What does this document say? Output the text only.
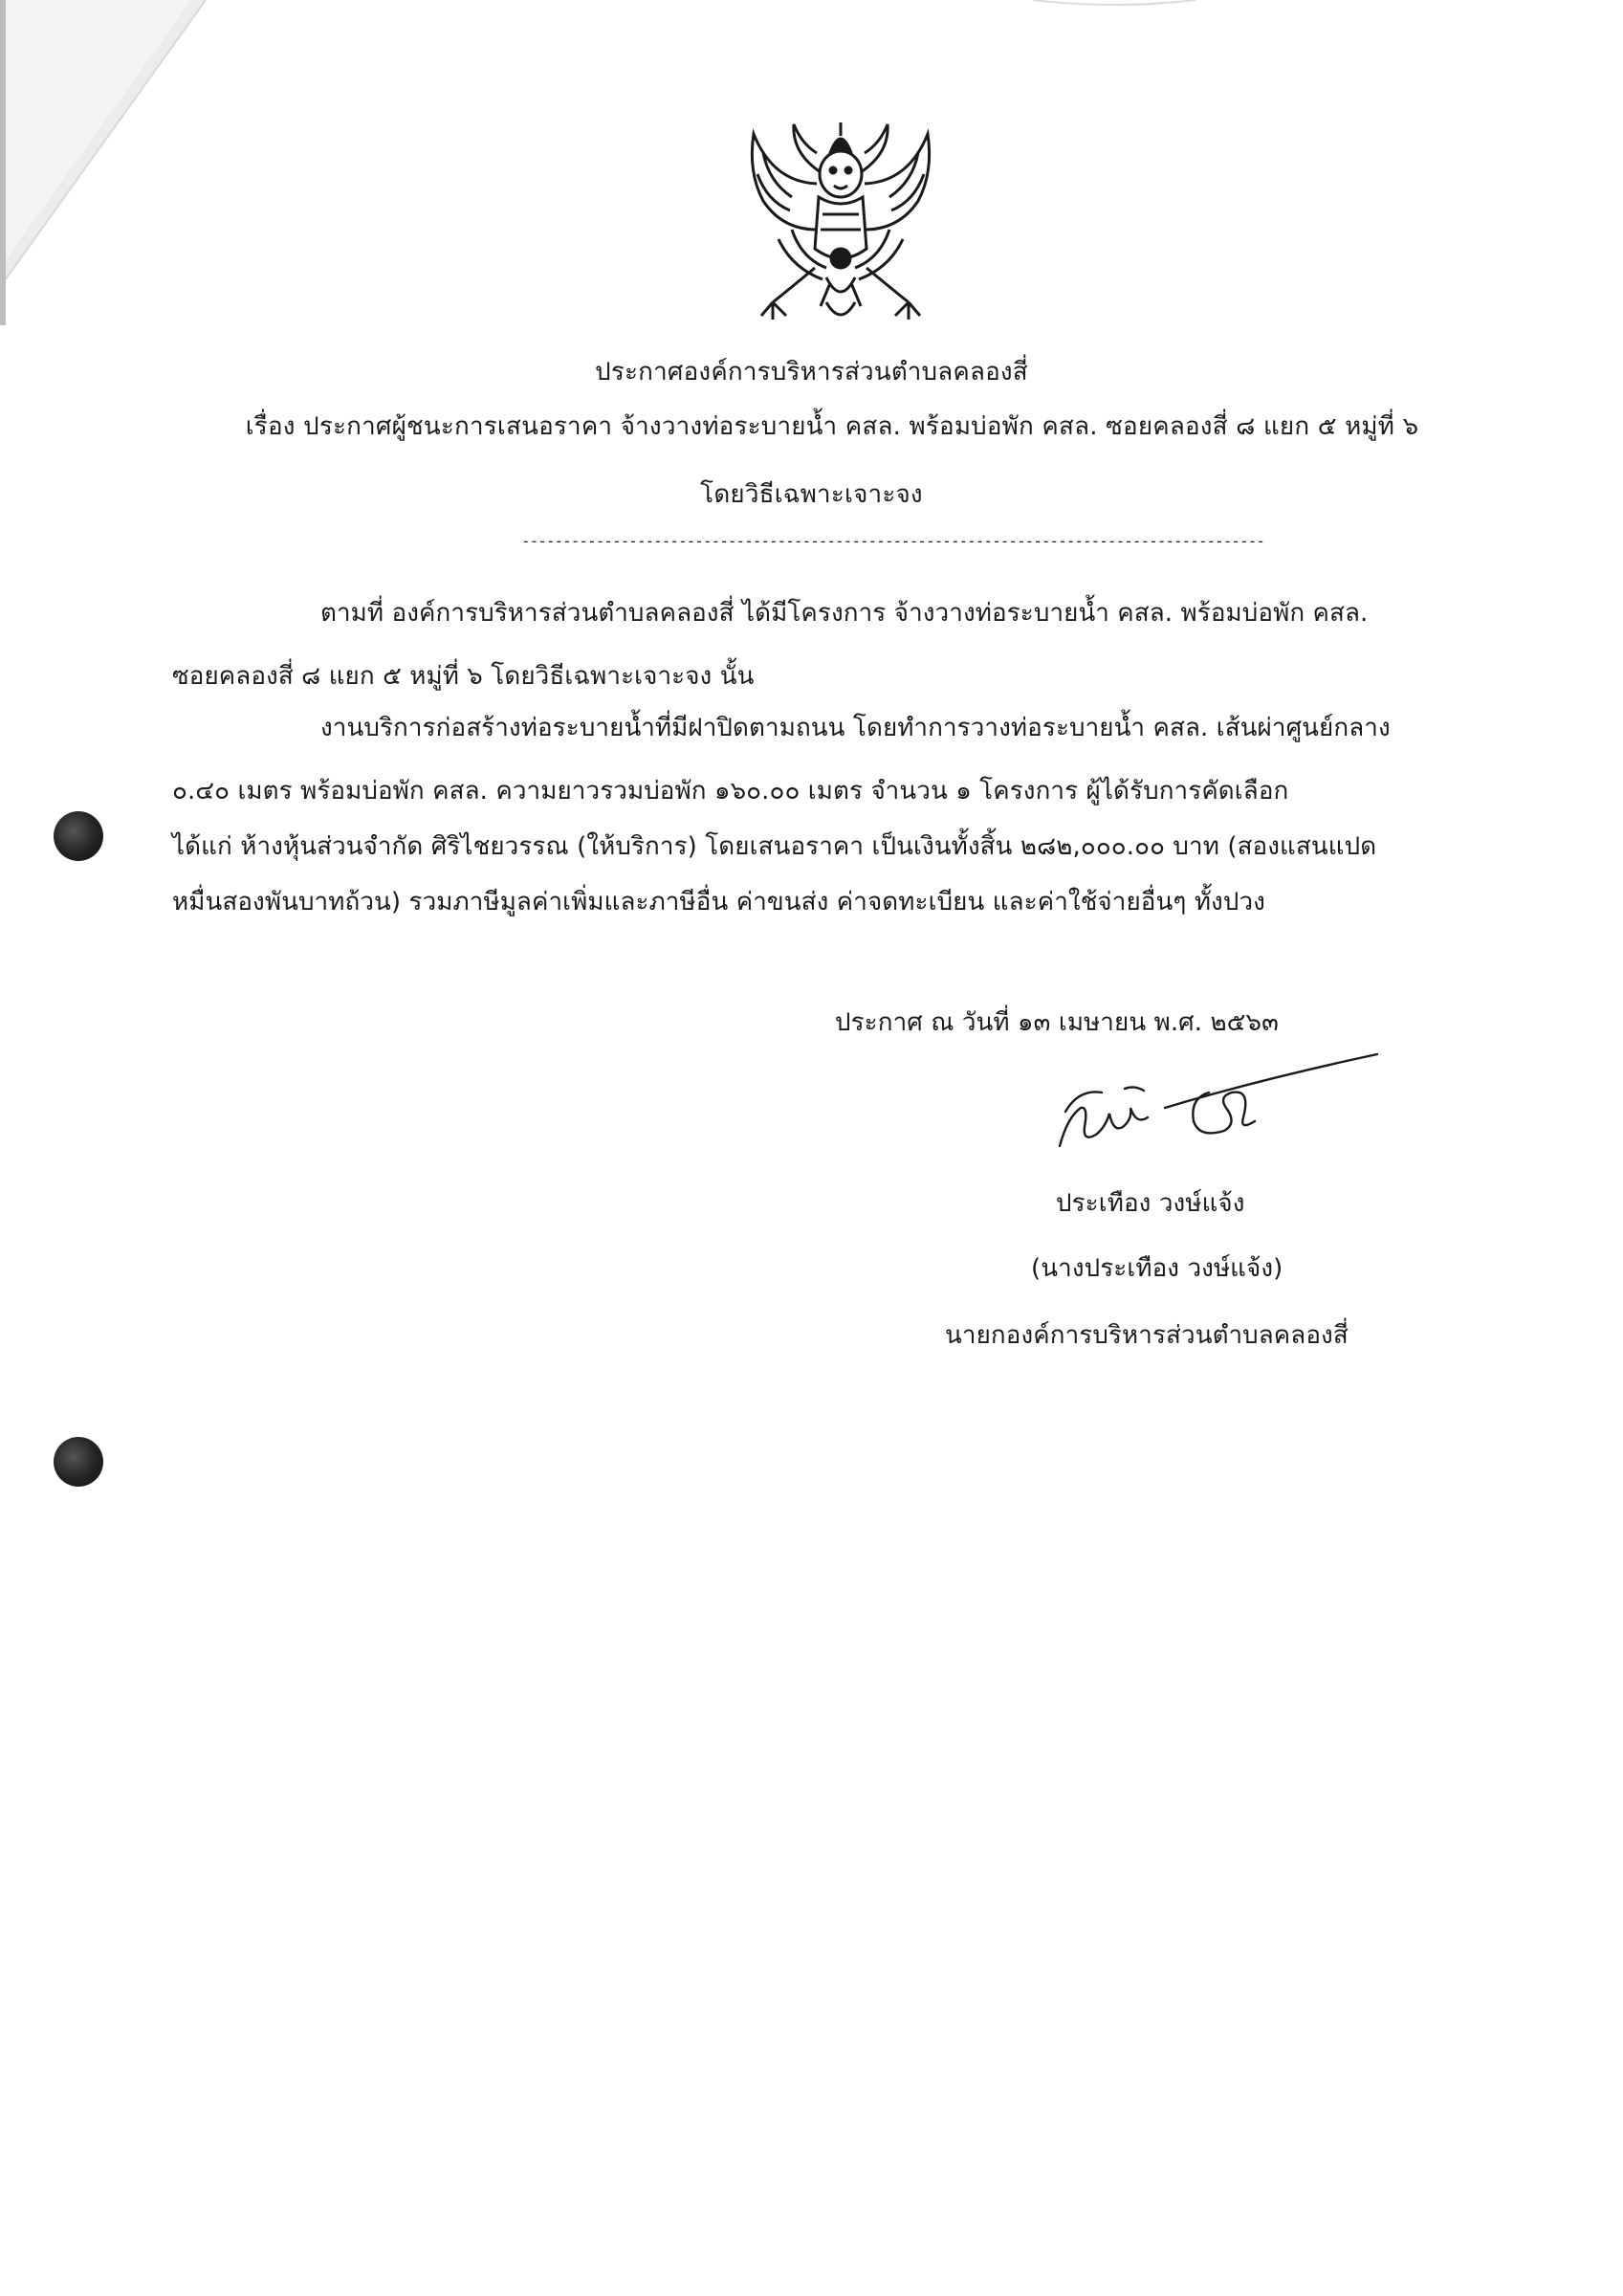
ประกาศองค์การบริหารส่วนตำบลคลองสี่
เรื่อง ประกาศผู้ชนะการเสนอราคา จ้างวางท่อระบายน้ำ คสล. พร้อมบ่อพัก คสล. ซอยคลองสี่ ๘ แยก ๕ หมู่ที่ ๖
โดยวิธีเฉพาะเจาะจง
------------------------------------------------------------------------------------------
ตามที่ องค์การบริหารส่วนตำบลคลองสี่ ได้มีโครงการ จ้างวางท่อระบายน้ำ คสล. พร้อมบ่อพัก คสล.
ซอยคลองสี่ ๘ แยก ๕ หมู่ที่ ๖ โดยวิธีเฉพาะเจาะจง นั้น
งานบริการก่อสร้างท่อระบายน้ำที่มีฝาปิดตามถนน โดยทำการวางท่อระบายน้ำ คสล. เส้นผ่าศูนย์กลาง
๐.๔๐ เมตร พร้อมบ่อพัก คสล. ความยาวรวมบ่อพัก ๑๖๐.๐๐ เมตร จำนวน ๑ โครงการ ผู้ได้รับการคัดเลือก
ได้แก่ ห้างหุ้นส่วนจำกัด ศิริไชยวรรณ (ให้บริการ) โดยเสนอราคา เป็นเงินทั้งสิ้น ๒๘๒,๐๐๐.๐๐ บาท (สองแสนแปด
หมื่นสองพันบาทถ้วน) รวมภาษีมูลค่าเพิ่มและภาษีอื่น ค่าขนส่ง ค่าจดทะเบียน และค่าใช้จ่ายอื่นๆ ทั้งปวง
ประกาศ ณ วันที่ ๑๓ เมษายน พ.ศ. ๒๕๖๓
ประเทือง วงษ์แจ้ง
(นางประเทือง วงษ์แจ้ง)
นายกองค์การบริหารส่วนตำบลคลองสี่
